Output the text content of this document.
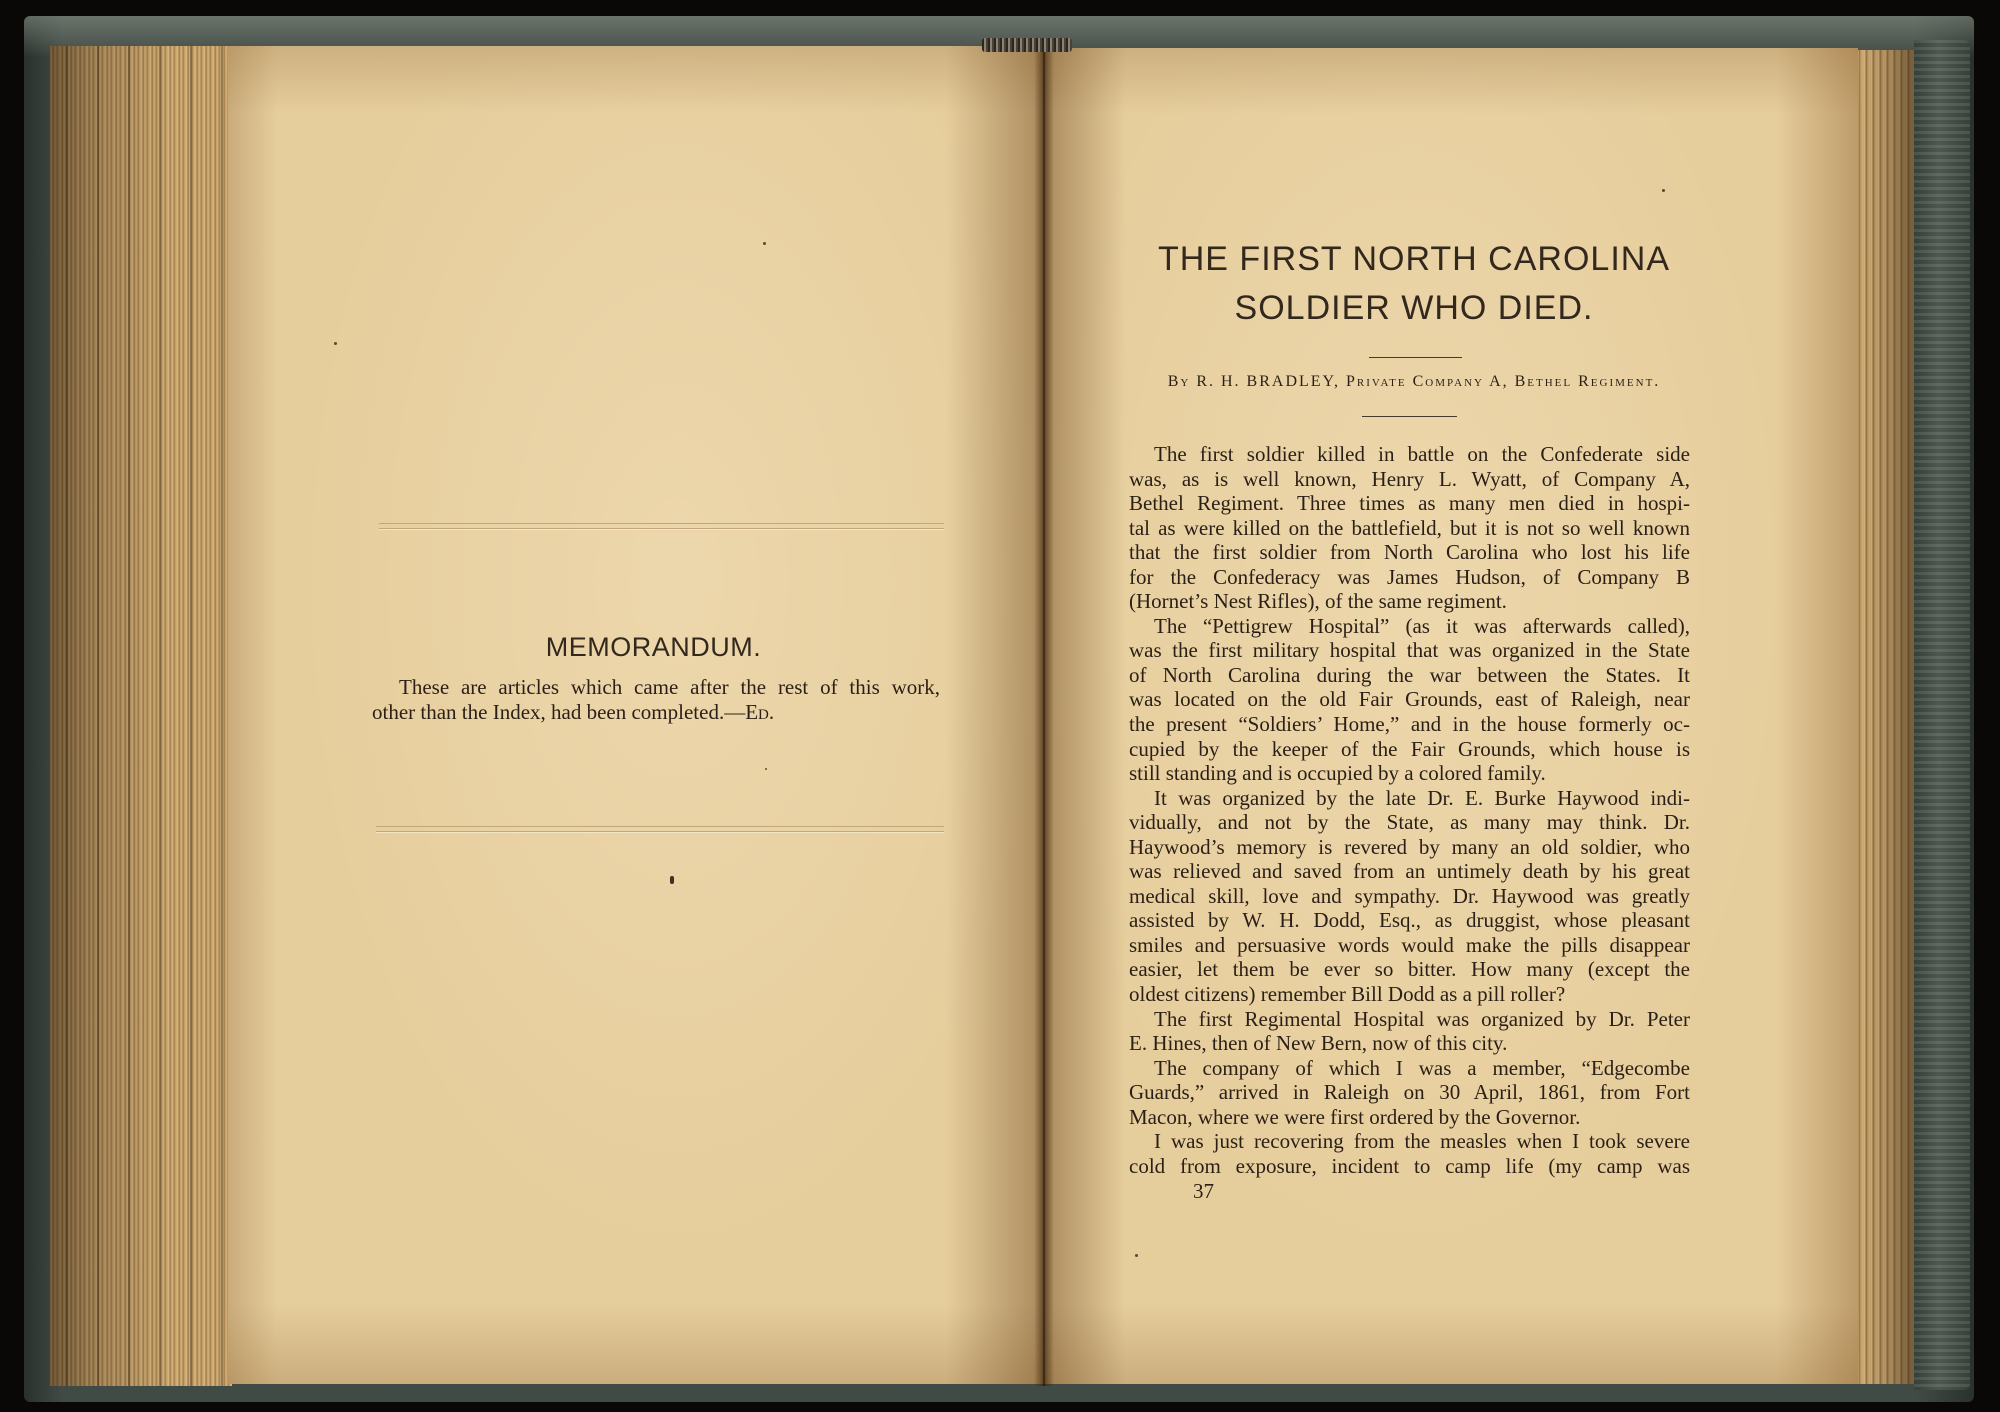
MEMORANDUM.
These are articles which came after the rest of this work,
other than the Index, had been completed.—Ed.
THE FIRST NORTH CAROLINA
SOLDIER WHO DIED.
By R. H. BRADLEY, Private Company A, Bethel Regiment.
The first soldier killed in battle on the Confederate side
was, as is well known, Henry L. Wyatt, of Company A,
Bethel Regiment. Three times as many men died in hospi-
tal as were killed on the battlefield, but it is not so well known
that the first soldier from North Carolina who lost his life
for the Confederacy was James Hudson, of Company B
(Hornet’s Nest Rifles), of the same regiment.
The “Pettigrew Hospital” (as it was afterwards called),
was the first military hospital that was organized in the State
of North Carolina during the war between the States. It
was located on the old Fair Grounds, east of Raleigh, near
the present “Soldiers’ Home,” and in the house formerly oc-
cupied by the keeper of the Fair Grounds, which house is
still standing and is occupied by a colored family.
It was organized by the late Dr. E. Burke Haywood indi-
vidually, and not by the State, as many may think. Dr.
Haywood’s memory is revered by many an old soldier, who
was relieved and saved from an untimely death by his great
medical skill, love and sympathy. Dr. Haywood was greatly
assisted by W. H. Dodd, Esq., as druggist, whose pleasant
smiles and persuasive words would make the pills disappear
easier, let them be ever so bitter. How many (except the
oldest citizens) remember Bill Dodd as a pill roller?
The first Regimental Hospital was organized by Dr. Peter
E. Hines, then of New Bern, now of this city.
The company of which I was a member, “Edgecombe
Guards,” arrived in Raleigh on 30 April, 1861, from Fort
Macon, where we were first ordered by the Governor.
I was just recovering from the measles when I took severe
cold from exposure, incident to camp life (my camp was
37
